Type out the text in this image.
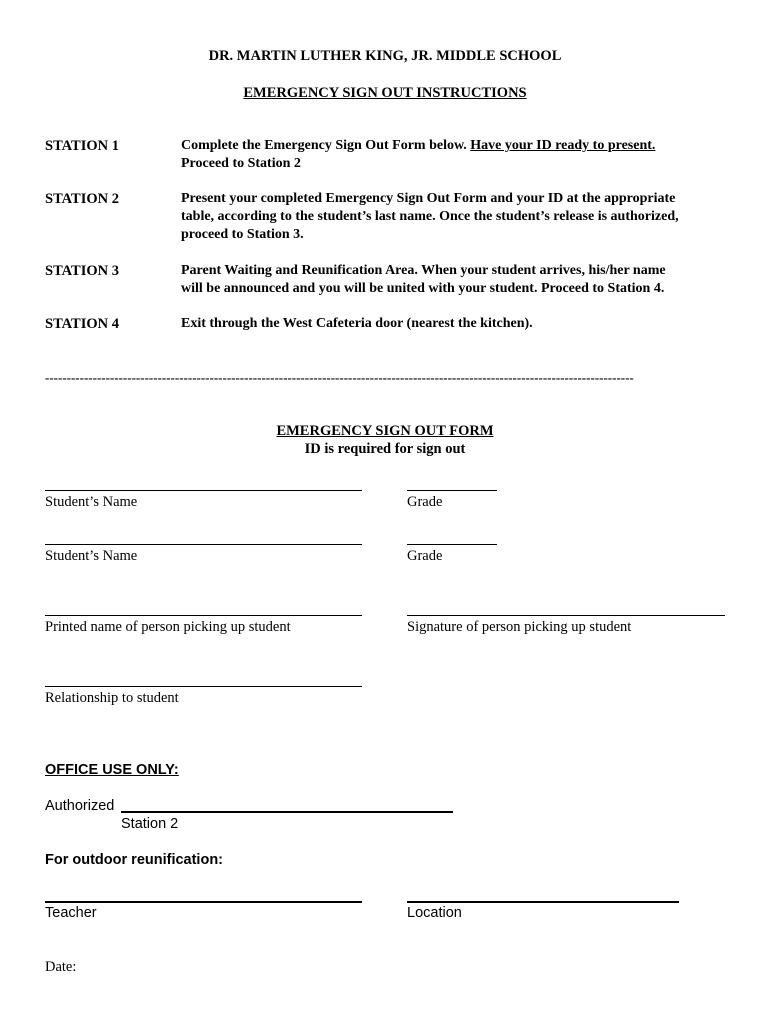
DR. MARTIN LUTHER KING, JR. MIDDLE SCHOOL
EMERGENCY SIGN OUT INSTRUCTIONS
STATION 1	Complete the Emergency Sign Out Form below. Have your ID ready to present.
Proceed to Station 2
STATION 2	Present your completed Emergency Sign Out Form and your ID at the appropriate
table, according to the student’s last name. Once the student’s release is authorized,
proceed to Station 3.
STATION 3	Parent Waiting and Reunification Area. When your student arrives, his/her name
will be announced and you will be united with your student. Proceed to Station 4.
STATION 4	Exit through the West Cafeteria door (nearest the kitchen).
----------------------------------------------------------------------------------------------------------------------------------------
EMERGENCY SIGN OUT FORM
ID is required for sign out
Student’s Name	Grade
Student’s Name	Grade
Printed name of person picking up student	Signature of person picking up student
Relationship to student
OFFICE USE ONLY:
Authorized
Station 2
For outdoor reunification:
Teacher	Location
Date:
